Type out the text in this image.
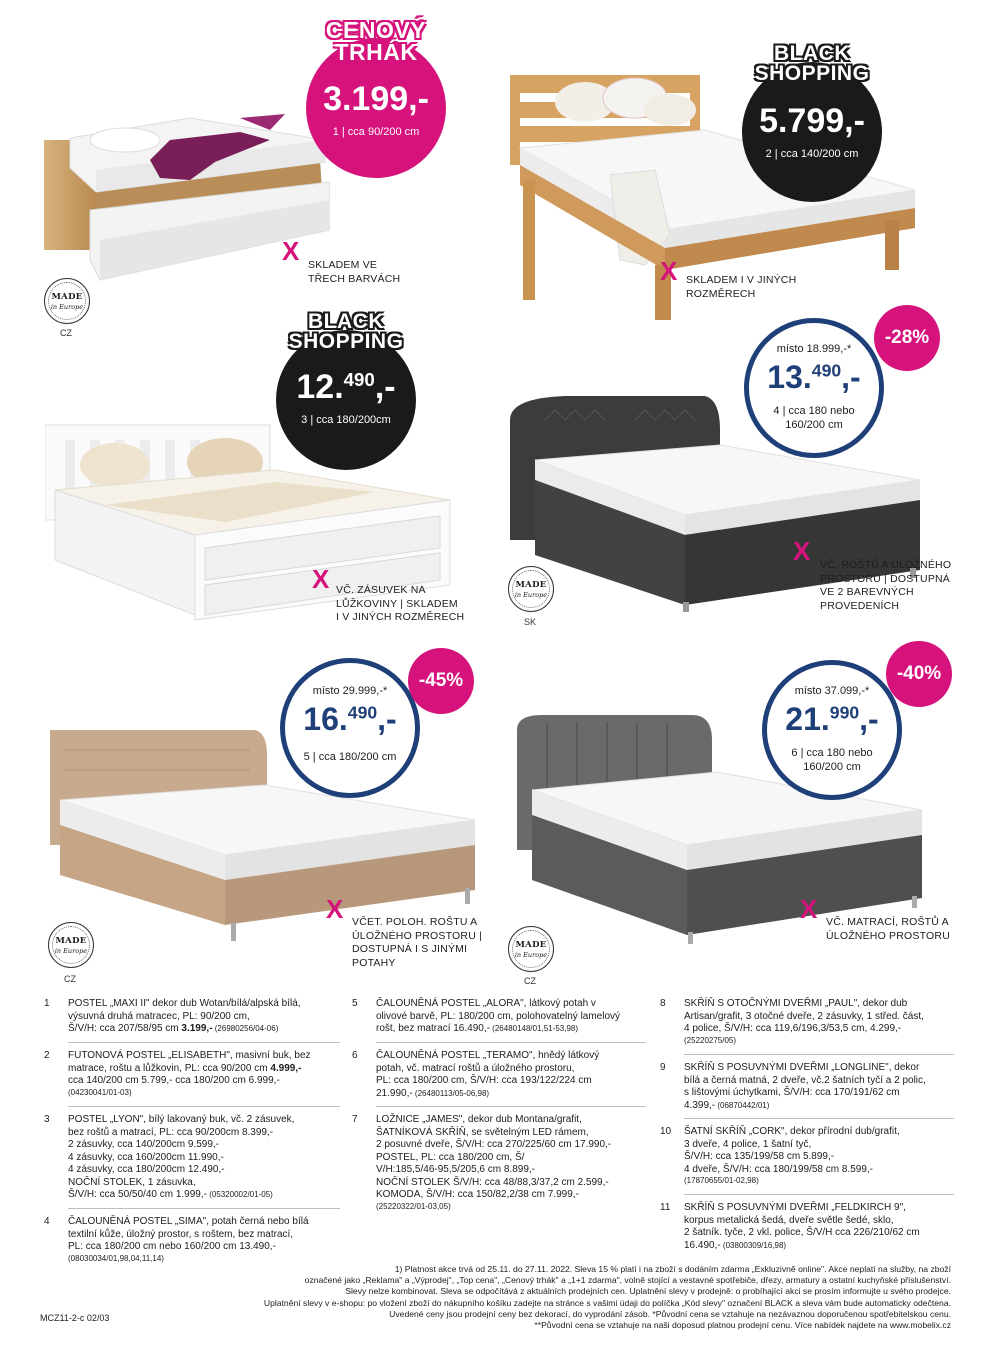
3.199,-
1 | cca 90/200 cm
CENOVÝ
TRHÁK
5.799,-
2 | cca 140/200 cm
BLACK
SHOPPING
12.$^{490}$,-
3 | cca 180/200cm
BLACK
SHOPPING	místo 18.999,-*
13.$^{490}$,-
4 | cca 180 nebo
160/200 cm
-28%
místo 29.999,-*
16.$^{490}$,-
5 | cca 180/200 cm
-45%	místo 37.099,-*
21.$^{990}$,-
6 | cca 180 nebo
160/200 cm
-40%
X SKLADEM VE
TŘECH BARVÁCH	X SKLADEM I V JINÝCH
ROZMĚRECH
X VČ. ZÁSUVEK NA
LŮŽKOVINY | SKLADEM
I V JINÝCH ROZMĚRECH
X VČ. ROŠTŮ A ÚLOŽNÉHO
PROSTORU | DOSTUPNÁ
VE 2 BAREVNÝCH
PROVEDENÍCH
X VČET. POLOH. ROŠTU A
ÚLOŽNÉHO PROSTORU |
DOSTUPNÁ I S JINÝMI
POTAHY
X VČ. MATRACÍ, ROŠTŮ A
ÚLOŽNÉHO PROSTORU
MADE
in Europe
CZ
MADE
in Europe
SK
MADE
in Europe
CZ
MADE
in Europe
CZ
1	POSTEL „MAXI II" dekor dub Wotan/bílá/alpská bílá,
výsuvná druhá matracec, PL: 90/200 cm,
Š/V/H: cca 207/58/95 cm 3.199,- (26980256/04-06)
2	FUTONOVÁ POSTEL „ELISABETH", masivní buk, bez
matrace, roštu a lůžkovin, PL: cca 90/200 cm 4.999,-
cca 140/200 cm 5.799,- cca 180/200 cm 6.999,-
(04230041/01-03)
3	POSTEL „LYON", bílý lakovaný buk, vč. 2 zásuvek,
bez roštů a matrací, PL: cca 90/200cm 8.399,-
2 zásuvky, cca 140/200cm 9.599,-
4 zásuvky, cca 160/200cm 11.990,-
4 zásuvky, cca 180/200cm 12.490,-
NOČNÍ STOLEK, 1 zásuvka,
Š/V/H: cca 50/50/40 cm 1.999,- (05320002/01-05)
4	ČALOUNĚNÁ POSTEL „SIMA", potah černá nebo bílá
textilní kůže, úložný prostor, s roštem, bez matrací,
PL: cca 180/200 cm nebo 160/200 cm 13.490,-
(08030034/01,98,04,11,14)
5	ČALOUNĚNÁ POSTEL „ALORA", látkový potah v
olivové barvě, PL: 180/200 cm, polohovatelný lamelový
rošt, bez matrací 16.490,- (26480148/01,51-53,98)
6	ČALOUNĚNÁ POSTEL „TERAMO", hnědý látkový
potah, vč. matrací roštů a úložného prostoru,
PL: cca 180/200 cm, Š/V/H: cca 193/122/224 cm
21.990,- (26480113/05-06,98)
7	LOŽNICE „JAMES", dekor dub Montana/grafit,
ŠATNÍKOVÁ SKŘÍŇ, se světelným LED rámem,
2 posuvné dveře, Š/V/H: cca 270/225/60 cm 17.990,-
POSTEL, PL: cca 180/200 cm, Š/
V/H:185,5/46-95,5/205,6 cm 8.899,-
NOČNÍ STOLEK Š/V/H: cca 48/88,3/37,2 cm 2.599,-
KOMODA, Š/V/H: cca 150/82,2/38 cm 7.999,-
(25220322/01-03,05)
8	SKŘÍŇ S OTOČNÝMI DVEŘMI „PAUL", dekor dub
Artisan/grafit, 3 otočné dveře, 2 zásuvky, 1 střed. část,
4 police, Š/V/H: cca 119,6/196,3/53,5 cm, 4.299,-
(25220275/05)
9	SKŘÍŇ S POSUVNÝMI DVEŘMI „LONGLINE", dekor
bílá a černá matná, 2 dveře, vč.2 šatních tyčí a 2 polic,
s lištovými úchytkami, Š/V/H: cca 170/191/62 cm
4.399,- (06870442/01)
10	ŠATNÍ SKŘÍŇ „CORK", dekor přírodní dub/grafit,
3 dveře, 4 police, 1 šatní tyč,
Š/V/H: cca 135/199/58 cm 5.899,-
4 dveře, Š/V/H: cca 180/199/58 cm 8.599,-
(17870655/01-02,98)
11	SKŘÍŇ S POSUVNÝMI DVEŘMI „FELDKIRCH 9",
korpus metalická šedá, dveře světle šedé, sklo,
2 šatník. tyče, 2 vkl. police, Š/V/H cca 226/210/62 cm
16.490,- (03800309/16,98)
1) Platnost akce trvá od 25.11. do 27.11. 2022. Sleva 15 % platí i na zboží s dodáním zdarma „Exkluzivně online". Akce neplatí na služby, na zboží
označené jako „Reklama" a „Výprodej", „Top cena", „Cenový trhák" a „1+1 zdarma", volně stojící a vestavné spotřebiče, dřezy, armatury a ostatní kuchyňské příslušenství.
Slevy nelze kombinovat. Sleva se odpočítává z aktuálních prodejních cen. Uplatnění slevy v prodejně: o probíhající akci se prosím informujte u svého prodejce.
Uplatnění slevy v e-shopu: po vložení zboží do nákupního košíku zadejte na stránce s vašimi údaji do políčka „Kód slevy" označení BLACK a sleva vám bude automaticky odečtena.
Uvedené ceny jsou prodejní ceny bez dekorací, do vyprodání zásob. *Původní cena se vztahuje na nezávaznou doporučenou spotřebitelskou cenu.
**Původní cena se vztahuje na naši doposud platnou prodejní cenu. Více nabídek najdete na www.mobelix.cz
MCZ11-2-c 02/03
